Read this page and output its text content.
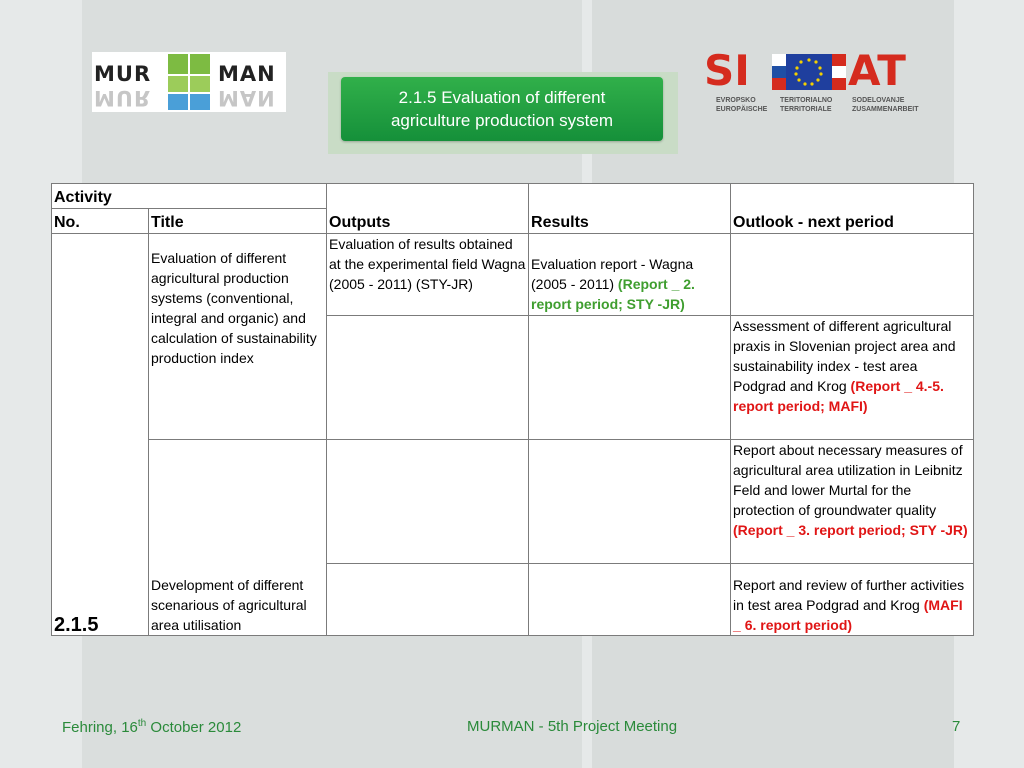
MUR
MUR
MAN
MAN	2.1.5 Evaluation of different
agriculture production system
SI AT
EVROPSKO	TERITORIALNO	SODELOVANJE
EUROPÄISCHE	TERRITORIALE	ZUSAMMENARBEIT
Activity		Outputs	Results	Outlook - next period
No.	Title			
2.1.5	Evaluation of different agricultural production systems (conventional, integral and organic) and calculation of sustainability production index	Evaluation of results obtained at the experimental field Wagna (2005 - 2011) (STY-JR)	Evaluation report - Wagna (2005 - 2011) (Report _ 2. report period; STY -JR)	
				Assessment of different agricultural praxis in Slovenian project area and sustainability index - test area Podgrad and Krog (Report _ 4.-5. report period; MAFI)
	Development of different scenarious of agricultural area utilisation			Report about necessary measures of agricultural area utilization in Leibnitz Feld and lower Murtal for the protection of groundwater quality (Report _ 3. report period; STY -JR)
				Report and review of further activities in test area Podgrad and Krog (MAFI _ 6. report period)
Fehring, 16th October 2012	MURMAN - 5th Project Meeting	7
